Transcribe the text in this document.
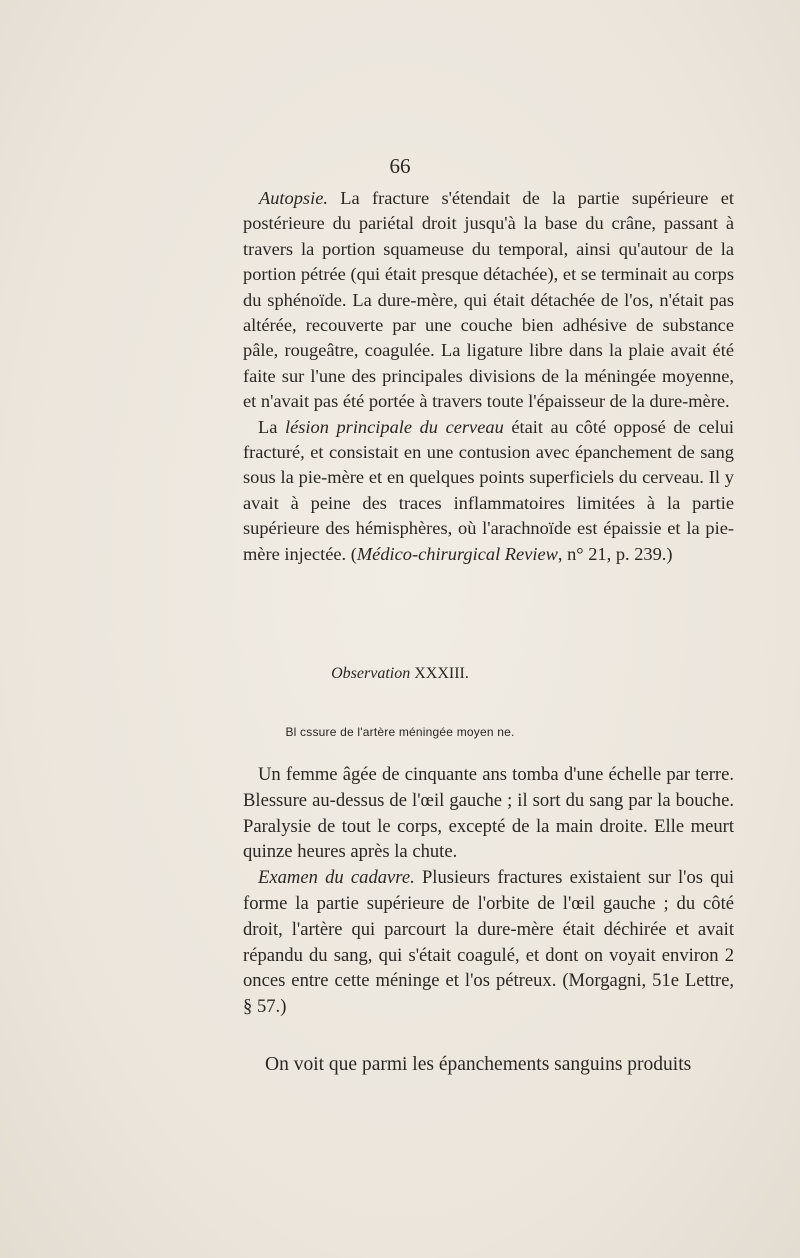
66

Autopsie. La fracture s'étendait de la partie supérieure et postérieure du pariétal droit jusqu'à la base du crâne, passant à travers la portion squameuse du temporal, ainsi qu'autour de la portion pétrée (qui était presque détachée), et se terminait au corps du sphénoïde. La dure-mère, qui était détachée de l'os, n'était pas altérée, recouverte par une couche bien adhésive de substance pâle, rougeâtre, coagulée. La ligature libre dans la plaie avait été faite sur l'une des principales divisions de la méningée moyenne, et n'avait pas été portée à travers toute l'épaisseur de la dure-mère.

La lésion principale du cerveau était au côté opposé de celui fracturé, et consistait en une contusion avec épanchement de sang sous la pie-mère et en quelques points superficiels du cerveau. Il y avait à peine des traces inflammatoires limitées à la partie supérieure des hémisphères, où l'arachnoïde est épaissie et la pie-mère injectée. (Médico-chirurgical Review, n° 21, p. 239.)

Observation XXXIII.
Bl cssure de l'artère méningée moyen ne.

Un femme âgée de cinquante ans tomba d'une échelle par terre. Blessure au-dessus de l'œil gauche ; il sort du sang par la bouche. Paralysie de tout le corps, excepté de la main droite. Elle meurt quinze heures après la chute.

Examen du cadavre. Plusieurs fractures existaient sur l'os qui forme la partie supérieure de l'orbite de l'œil gauche ; du côté droit, l'artère qui parcourt la dure-mère était déchirée et avait répandu du sang, qui s'était coagulé, et dont on voyait environ 2 onces entre cette méninge et l'os pétreux. (Morgagni, 51e Lettre, § 57.)

On voit que parmi les épanchements sanguins produits
